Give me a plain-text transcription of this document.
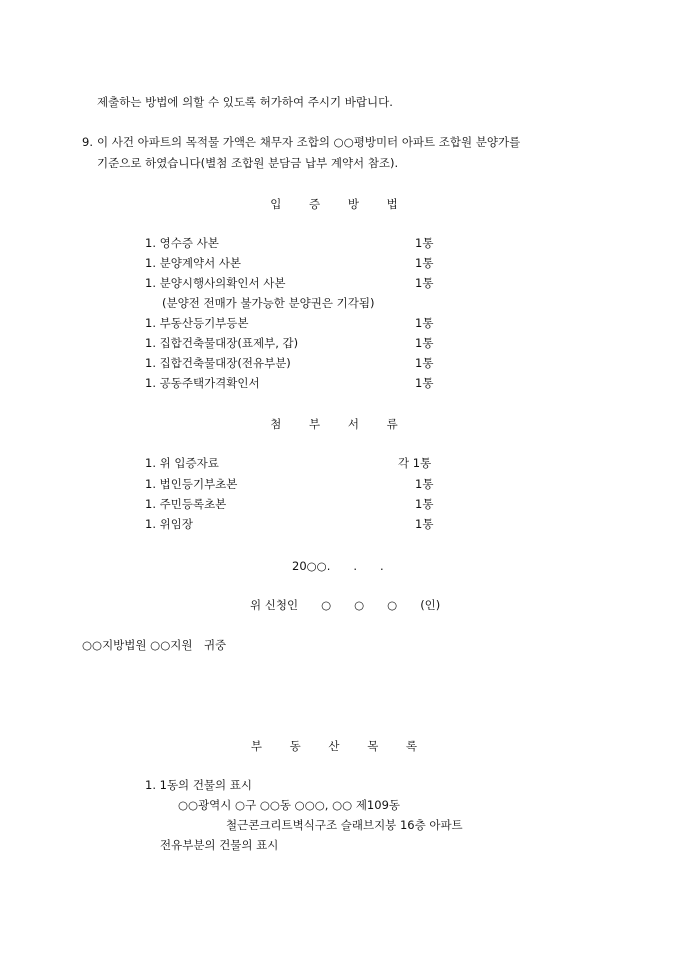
제출하는 방법에 의할 수 있도록 허가하여 주시기 바랍니다.
9. 이 사건 아파트의 목적물 가액은 채무자 조합의 ○○평방미터 아파트 조합원 분양가를
기준으로 하였습니다(별첨 조합원 분담금 납부 계약서 참조).
입 증 방 법
1. 영수증 사본	1통
1. 분양계약서 사본	1통
1. 분양시행사의확인서 사본	1통
(분양전 전매가 불가능한 분양권은 기각됨)
1. 부동산등기부등본	1통
1. 집합건축물대장(표제부, 갑)	1통
1. 집합건축물대장(전유부분)	1통
1. 공동주택가격확인서	1통
첨 부 서 류
1. 위 입증자료	각 1통
1. 법인등기부초본	1통
1. 주민등록초본	1통
1. 위임장	1통
20○○.　　.　　.
위 신청인　　○　　○　　○　　(인)
○○지방법원 ○○지원　귀중
부 동 산 목 록
1. 1동의 건물의 표시
○○광역시 ○구 ○○동 ○○○, ○○ 제109동
철근콘크리트벽식구조 슬래브지붕 16층 아파트
전유부분의 건물의 표시
